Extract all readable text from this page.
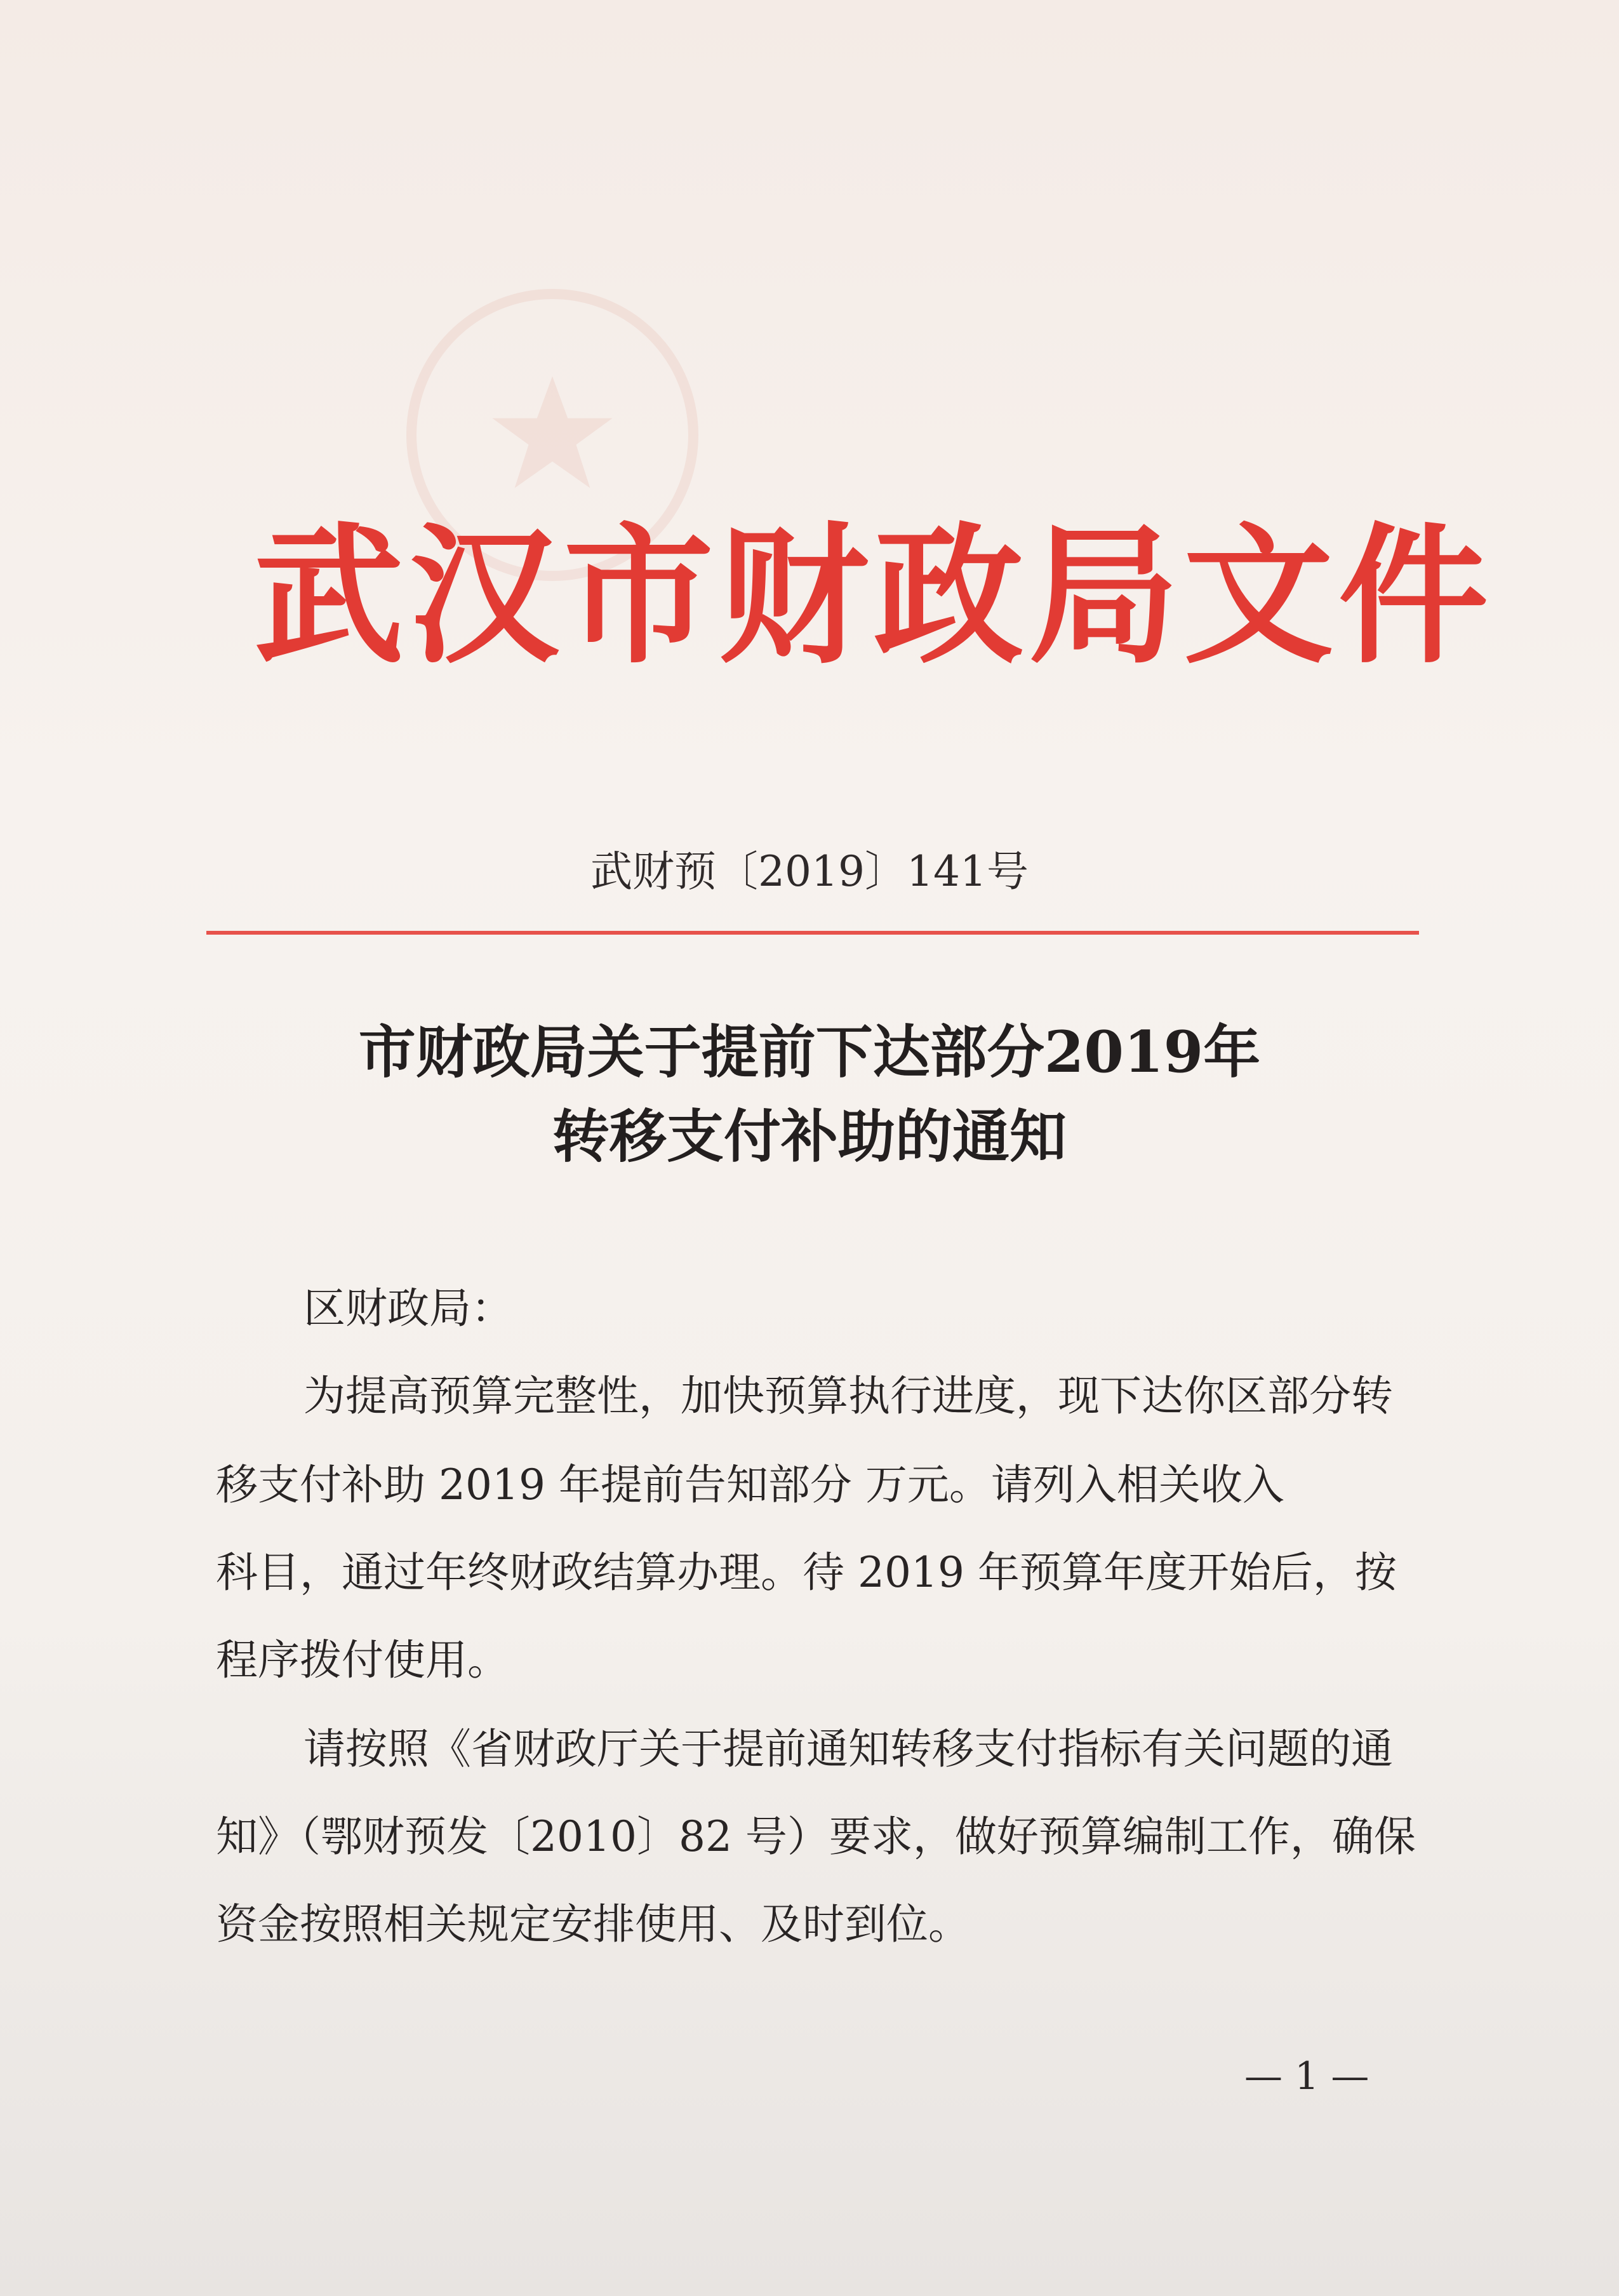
武汉市财政局文件
武财预〔2019〕141号
市财政局关于提前下达部分2019年
转移支付补助的通知
区财政局：
为提高预算完整性，加快预算执行进度，现下达你区部分转
移支付补助 2019 年提前告知部分 万元。请列入相关收入
科目，通过年终财政结算办理。待 2019 年预算年度开始后，按
程序拨付使用。
请按照《省财政厅关于提前通知转移支付指标有关问题的通
知》（鄂财预发〔2010〕82 号）要求，做好预算编制工作，确保
资金按照相关规定安排使用、及时到位。
— 1 —
